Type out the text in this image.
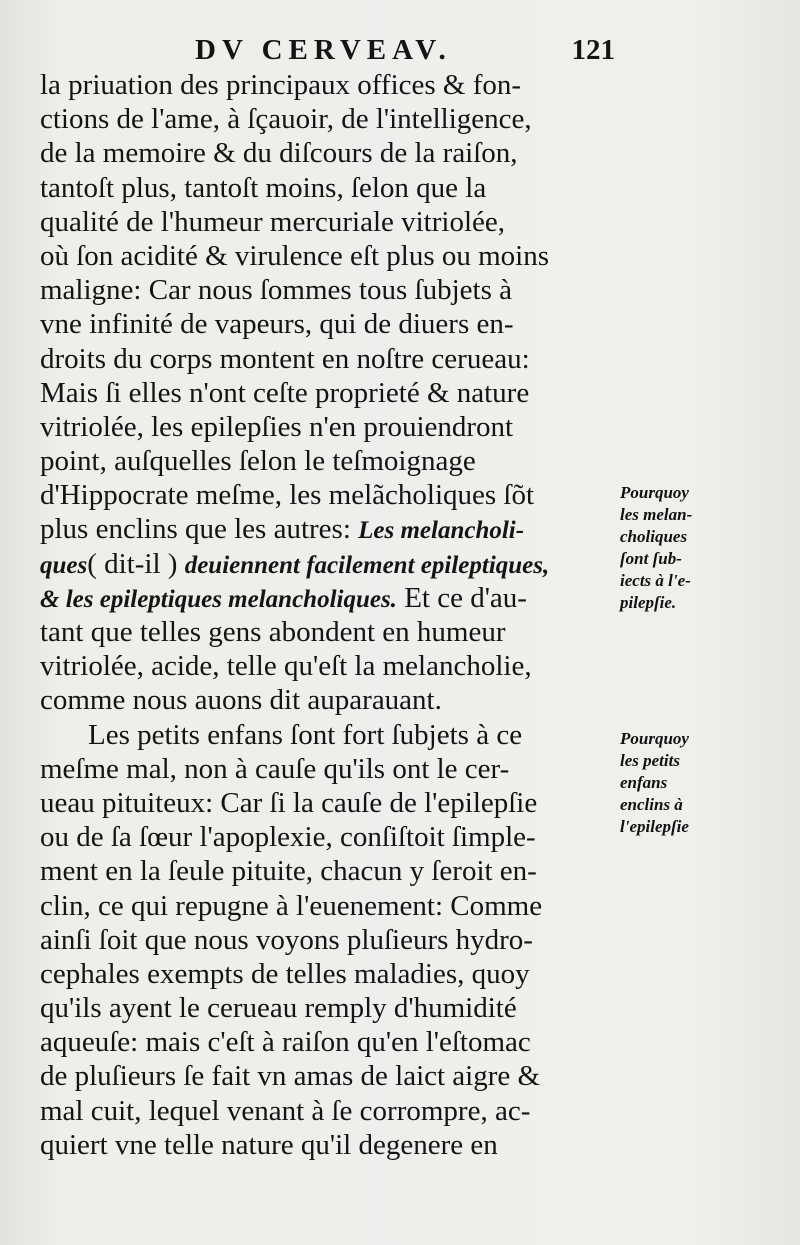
DV CERVEAV.	121
la priuation des principaux offices & fon-
ctions de l'ame, à ſçauoir, de l'intelligence,
de la memoire & du diſcours de la raiſon,
tantoſt plus, tantoſt moins, ſelon que la
qualité de l'humeur mercuriale vitriolée,
où ſon acidité & virulence eſt plus ou moins
maligne: Car nous ſommes tous ſubjets à
vne infinité de vapeurs, qui de diuers en-
droits du corps montent en noſtre cerueau:
Mais ſi elles n'ont ceſte proprieté & nature
vitriolée, les epilepſies n'en prouiendront
point, auſquelles ſelon le teſmoignage
d'Hippocrate meſme, les melãcholiques ſõt
plus enclins que les autres: Les melancholi-
ques( dit-il ) deuiennent facilement epileptiques,
& les epileptiques melancholiques. Et ce d'au-
tant que telles gens abondent en humeur
vitriolée, acide, telle qu'eſt la melancholie,
comme nous auons dit auparauant.
Les petits enfans ſont fort ſubjets à ce
meſme mal, non à cauſe qu'ils ont le cer-
ueau pituiteux: Car ſi la cauſe de l'epilepſie
ou de ſa ſœur l'apoplexie, conſiſtoit ſimple-
ment en la ſeule pituite, chacun y ſeroit en-
clin, ce qui repugne à l'euenement: Comme
ainſi ſoit que nous voyons pluſieurs hydro-
cephales exempts de telles maladies, quoy
qu'ils ayent le cerueau remply d'humidité
aqueuſe: mais c'eſt à raiſon qu'en l'eſtomac
de pluſieurs ſe fait vn amas de laict aigre &
mal cuit, lequel venant à ſe corrompre, ac-
quiert vne telle nature qu'il degenere en
Pourquoy
les melan-
choliques
ſont ſub-
iects à l'e-
pilepſie.
Pourquoy
les petits
enfans
enclins à
l'epilepſie
